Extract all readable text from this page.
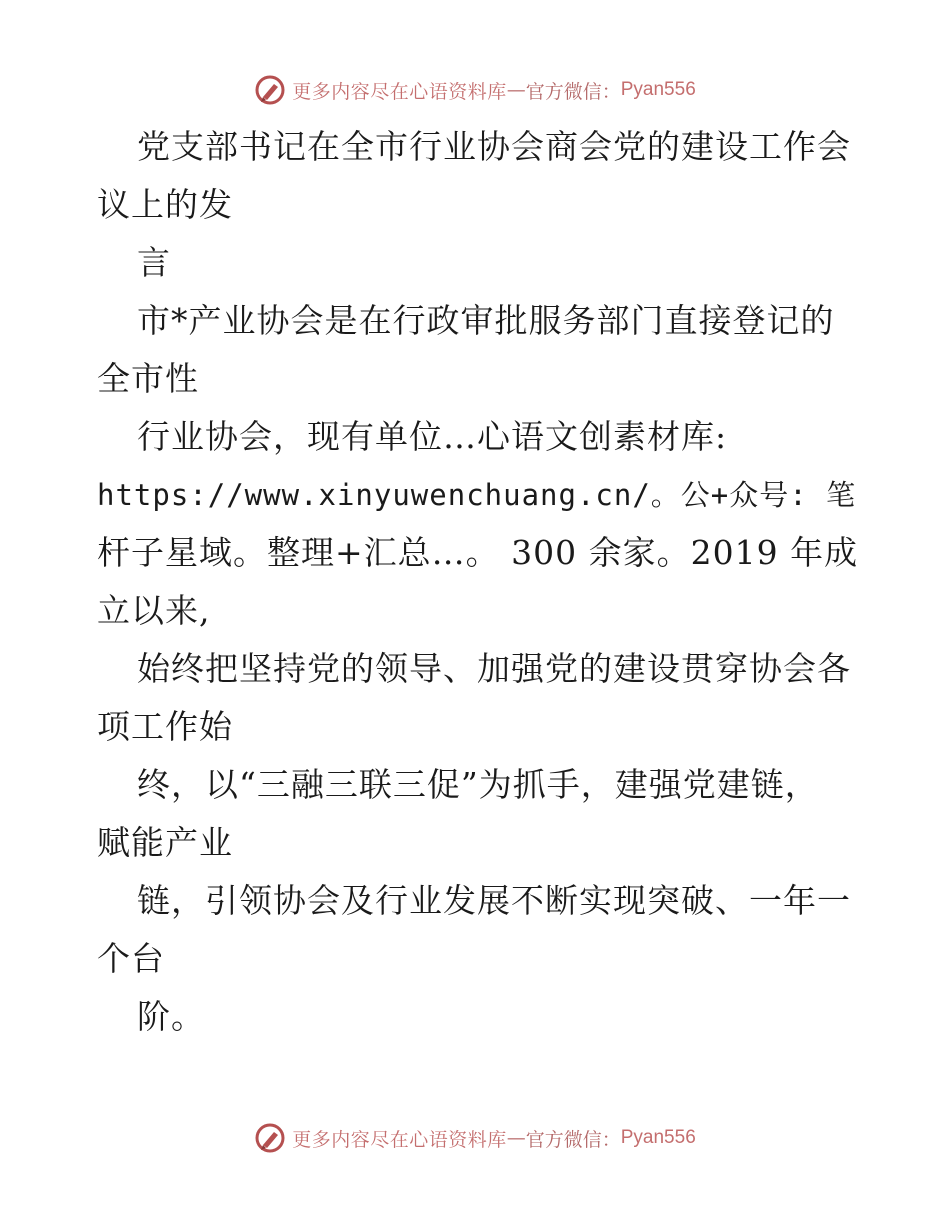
更多内容尽在心语资料库 — 官方微信： Pyan556
党支部书记在全市行业协会商会党的建设工作会
议上的发
言
市*产业协会是在行政审批服务部门直接登记的
全市性
行业协会，现有单位…心语文创素材库:
https://www.xinyuwenchuang.cn/。公+众号: 笔
杆子星域。整理+汇总…。 300 余家。2019 年成
立以来,
始终把坚持党的领导、加强党的建设贯穿协会各
项工作始
终，以“三融三联三促”为抓手，建强党建链，
赋能产业
链，引领协会及行业发展不断实现突破、一年一
个台
阶。
更多内容尽在心语资料库 — 官方微信： Pyan556
